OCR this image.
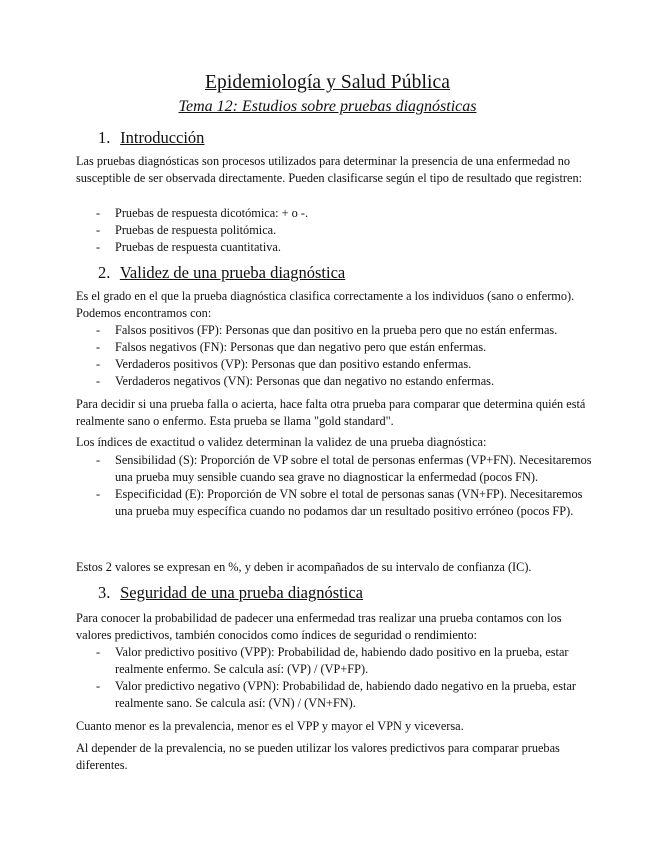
Epidemiología y Salud Pública
Tema 12: Estudios sobre pruebas diagnósticas
1. Introducción
Las pruebas diagnósticas son procesos utilizados para determinar la presencia de una enfermedad no susceptible de ser observada directamente. Pueden clasificarse según el tipo de resultado que registren:
- Pruebas de respuesta dicotómica: + o -.
- Pruebas de respuesta politómica.
- Pruebas de respuesta cuantitativa.
2. Validez de una prueba diagnóstica
Es el grado en el que la prueba diagnóstica clasifica correctamente a los individuos (sano o enfermo). Podemos encontramos con:
- Falsos positivos (FP): Personas que dan positivo en la prueba pero que no están enfermas.
- Falsos negativos (FN): Personas que dan negativo pero que están enfermas.
- Verdaderos positivos (VP): Personas que dan positivo estando enfermas.
- Verdaderos negativos (VN): Personas que dan negativo no estando enfermas.
Para decidir si una prueba falla o acierta, hace falta otra prueba para comparar que determina quién está realmente sano o enfermo. Esta prueba se llama "gold standard".
Los índices de exactitud o validez determinan la validez de una prueba diagnóstica:
- Sensibilidad (S): Proporción de VP sobre el total de personas enfermas (VP+FN). Necesitaremos una prueba muy sensible cuando sea grave no diagnosticar la enfermedad (pocos FN).
- Especificidad (E): Proporción de VN sobre el total de personas sanas (VN+FP). Necesitaremos una prueba muy específica cuando no podamos dar un resultado positivo erróneo (pocos FP).
Estos 2 valores se expresan en %, y deben ir acompañados de su intervalo de confianza (IC).
3. Seguridad de una prueba diagnóstica
Para conocer la probabilidad de padecer una enfermedad tras realizar una prueba contamos con los valores predictivos, también conocidos como índices de seguridad o rendimiento:
- Valor predictivo positivo (VPP): Probabilidad de, habiendo dado positivo en la prueba, estar realmente enfermo. Se calcula así: (VP) / (VP+FP).
- Valor predictivo negativo (VPN): Probabilidad de, habiendo dado negativo en la prueba, estar realmente sano. Se calcula así: (VN) / (VN+FN).
Cuanto menor es la prevalencia, menor es el VPP y mayor el VPN y viceversa.
Al depender de la prevalencia, no se pueden utilizar los valores predictivos para comparar pruebas diferentes.
